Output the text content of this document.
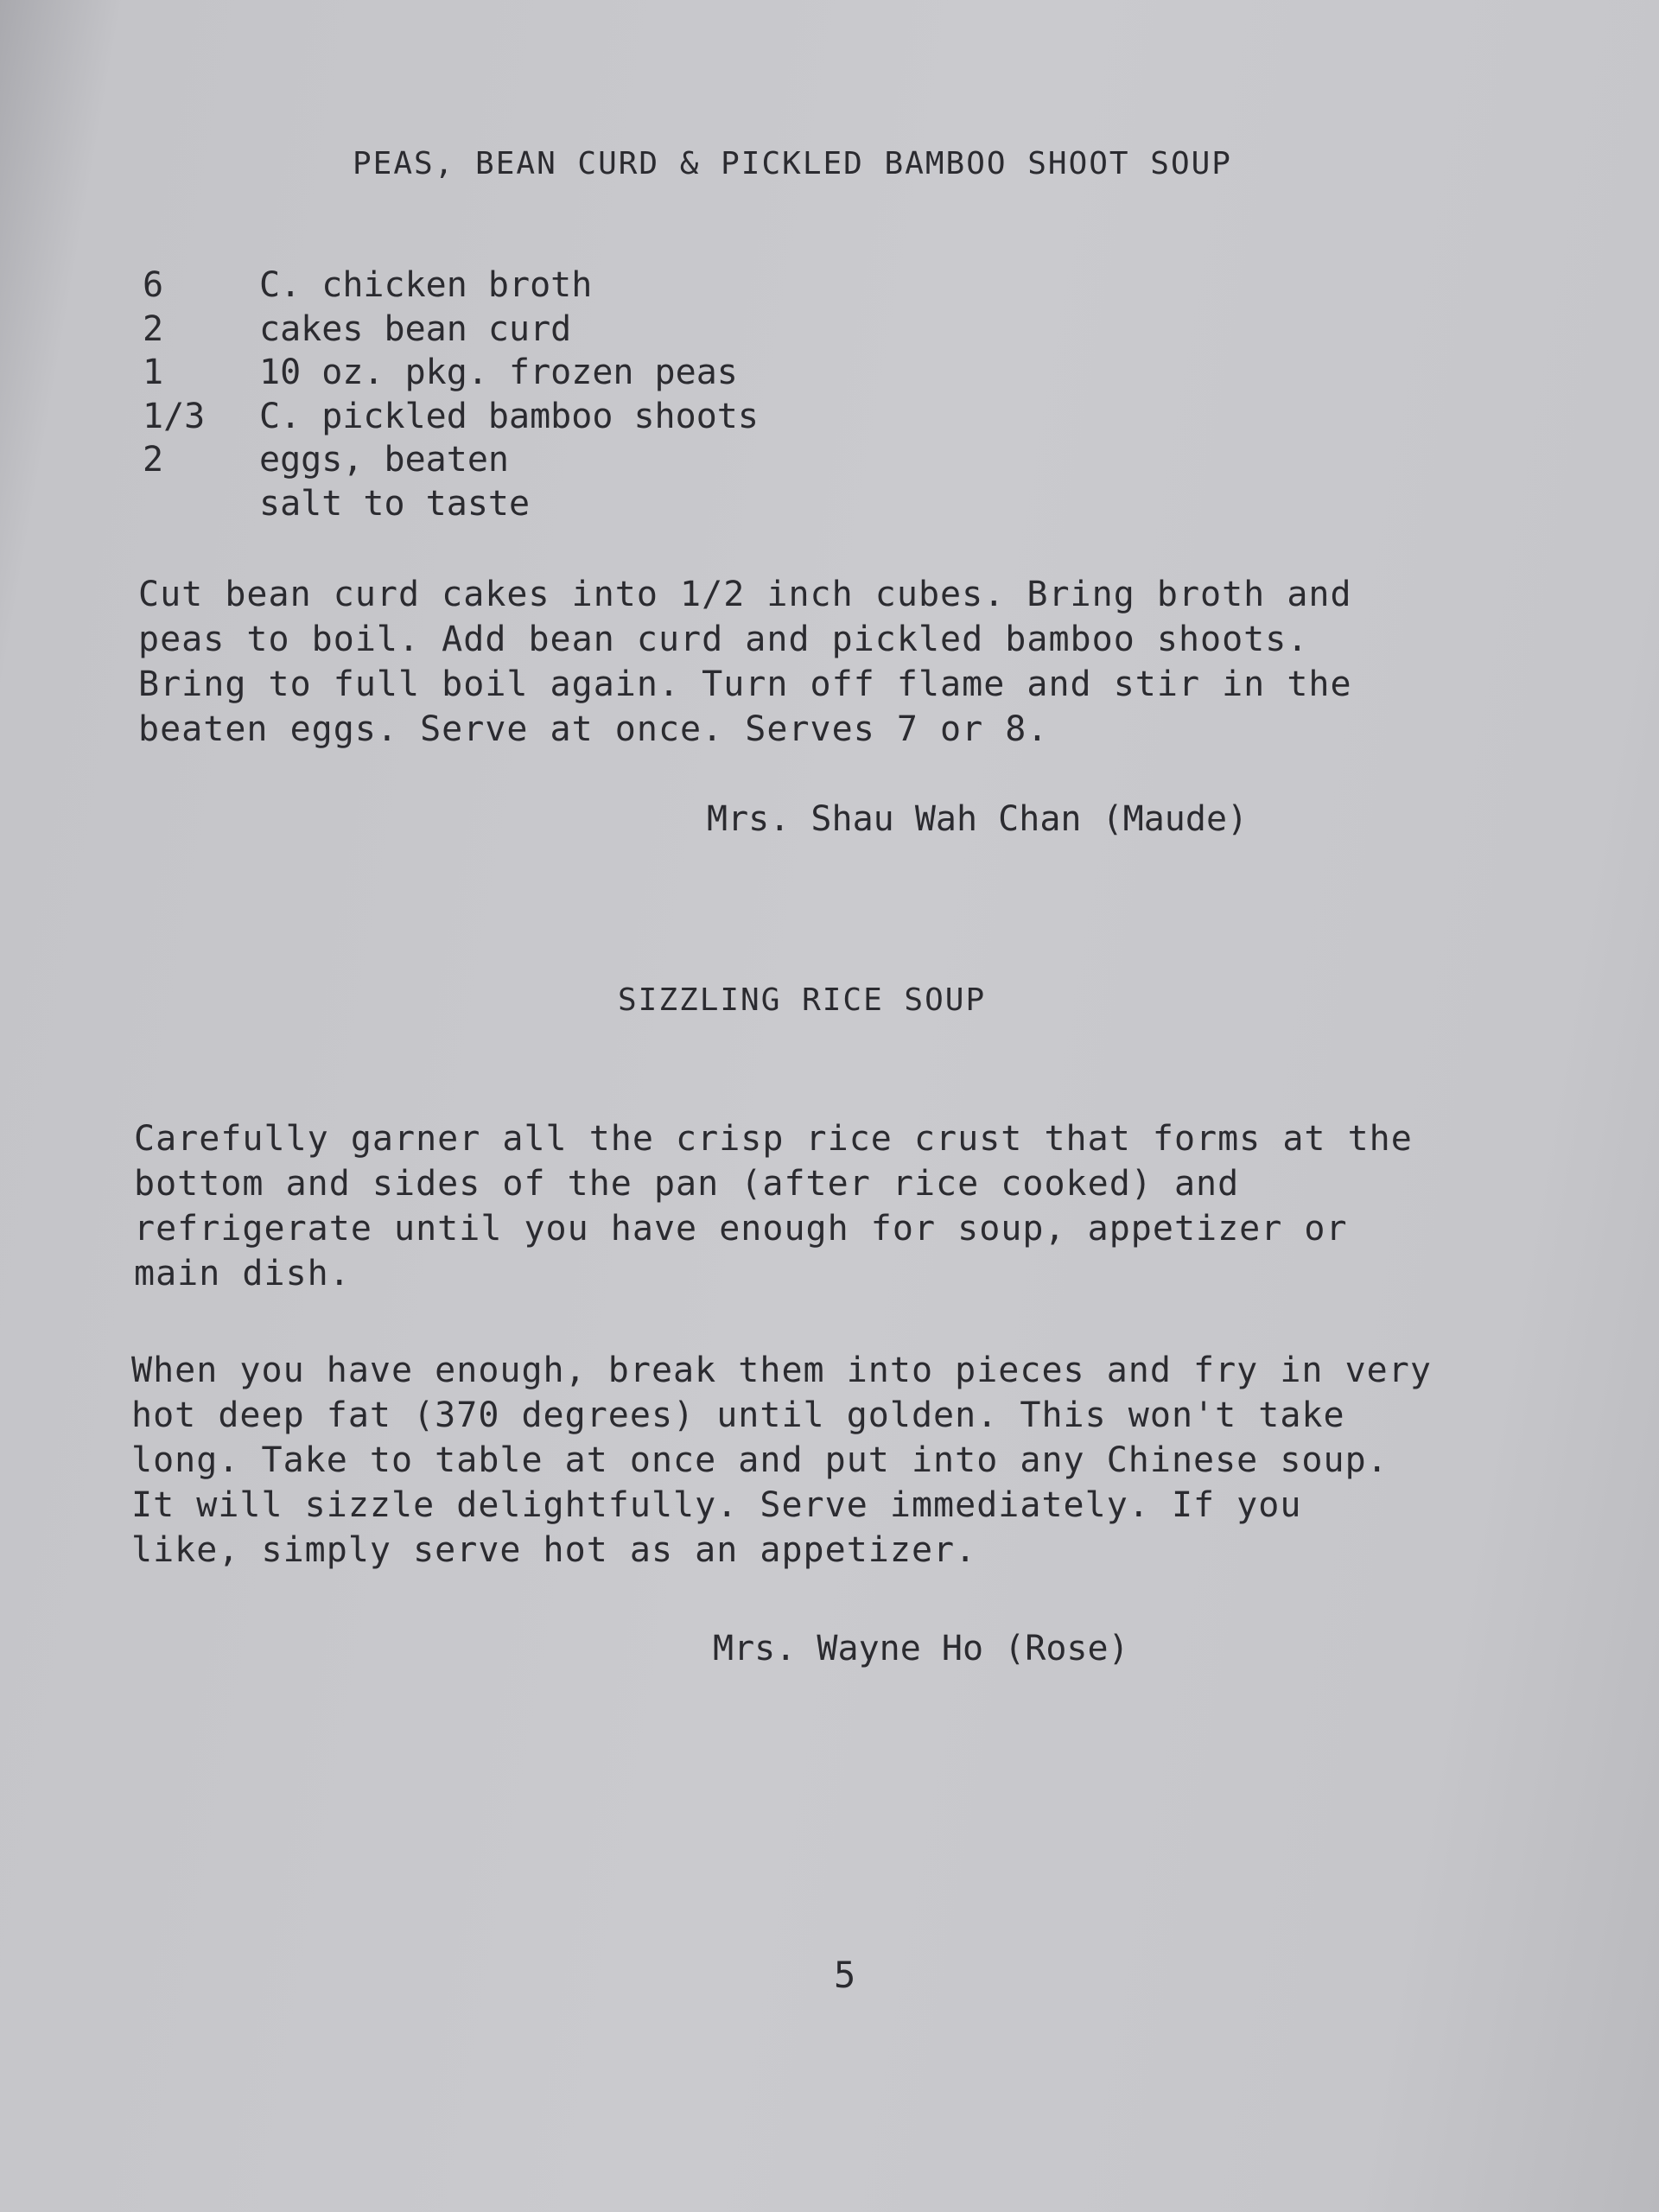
PEAS, BEAN CURD & PICKLED BAMBOO SHOOT SOUP
6	C. chicken broth
2	cakes bean curd
1	10 oz. pkg. frozen peas
1/3	C. pickled bamboo shoots
2	eggs, beaten
salt to taste
Cut bean curd cakes into 1/2 inch cubes. Bring broth and
peas to boil. Add bean curd and pickled bamboo shoots.
Bring to full boil again. Turn off flame and stir in the
beaten eggs. Serve at once. Serves 7 or 8.
Mrs. Shau Wah Chan (Maude)
SIZZLING RICE SOUP
Carefully garner all the crisp rice crust that forms at the
bottom and sides of the pan (after rice cooked) and
refrigerate until you have enough for soup, appetizer or
main dish.
When you have enough, break them into pieces and fry in very
hot deep fat (370 degrees) until golden. This won't take
long. Take to table at once and put into any Chinese soup.
It will sizzle delightfully. Serve immediately. If you
like, simply serve hot as an appetizer.
Mrs. Wayne Ho (Rose)
5
